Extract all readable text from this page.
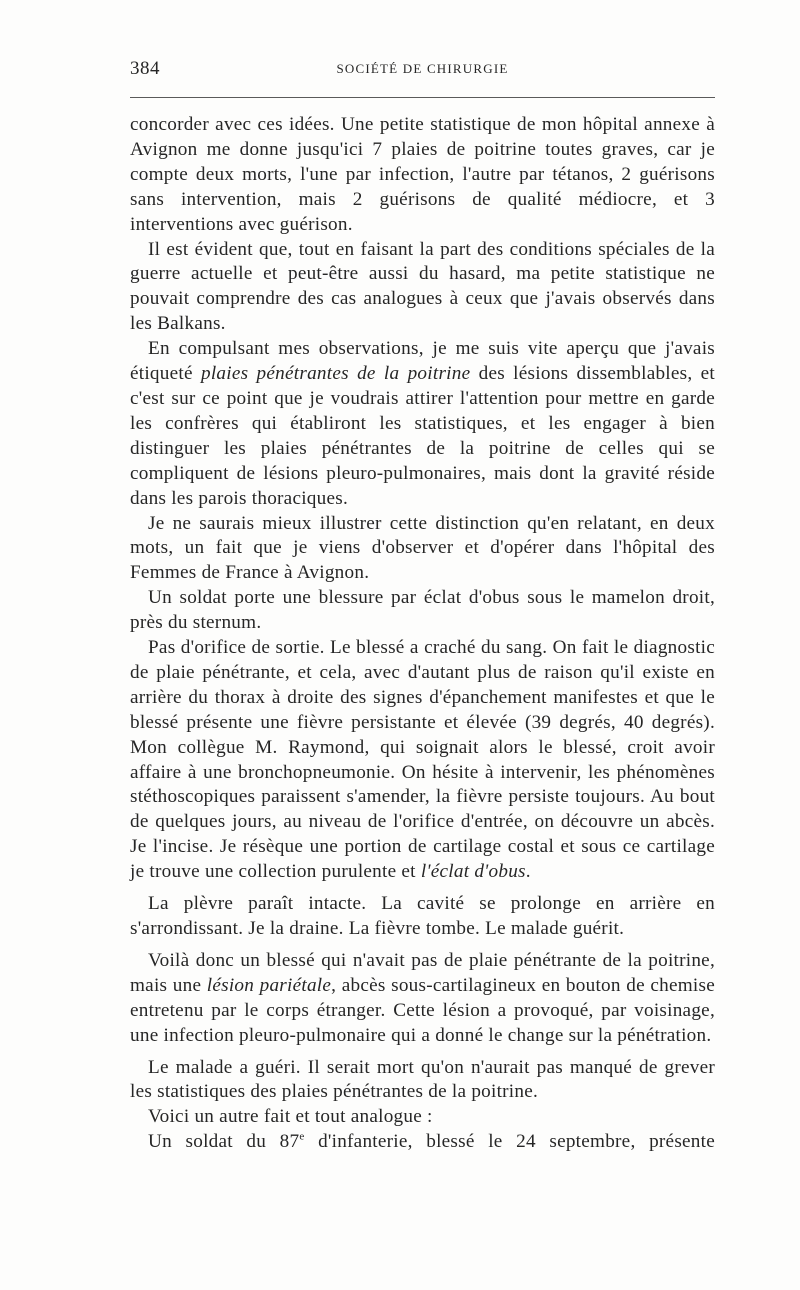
384	SOCIÉTÉ DE CHIRURGIE

concorder avec ces idées. Une petite statistique de mon hôpital annexe à Avignon me donne jusqu'ici 7 plaies de poitrine toutes graves, car je compte deux morts, l'une par infection, l'autre par tétanos, 2 guérisons sans intervention, mais 2 guérisons de qualité médiocre, et 3 interventions avec guérison.

Il est évident que, tout en faisant la part des conditions spéciales de la guerre actuelle et peut-être aussi du hasard, ma petite statistique ne pouvait comprendre des cas analogues à ceux que j'avais observés dans les Balkans.

En compulsant mes observations, je me suis vite aperçu que j'avais étiqueté plaies pénétrantes de la poitrine des lésions dissemblables, et c'est sur ce point que je voudrais attirer l'attention pour mettre en garde les confrères qui établiront les statistiques, et les engager à bien distinguer les plaies pénétrantes de la poitrine de celles qui se compliquent de lésions pleuro-pulmonaires, mais dont la gravité réside dans les parois thoraciques.

Je ne saurais mieux illustrer cette distinction qu'en relatant, en deux mots, un fait que je viens d'observer et d'opérer dans l'hôpital des Femmes de France à Avignon.

Un soldat porte une blessure par éclat d'obus sous le mamelon droit, près du sternum.

Pas d'orifice de sortie. Le blessé a craché du sang. On fait le diagnostic de plaie pénétrante, et cela, avec d'autant plus de raison qu'il existe en arrière du thorax à droite des signes d'épanchement manifestes et que le blessé présente une fièvre persistante et élevée (39 degrés, 40 degrés). Mon collègue M. Raymond, qui soignait alors le blessé, croit avoir affaire à une bronchopneumonie. On hésite à intervenir, les phénomènes stéthoscopiques paraissent s'amender, la fièvre persiste toujours. Au bout de quelques jours, au niveau de l'orifice d'entrée, on découvre un abcès. Je l'incise. Je résèque une portion de cartilage costal et sous ce cartilage je trouve une collection purulente et l'éclat d'obus.

La plèvre paraît intacte. La cavité se prolonge en arrière en s'arrondissant. Je la draine. La fièvre tombe. Le malade guérit.

Voilà donc un blessé qui n'avait pas de plaie pénétrante de la poitrine, mais une lésion pariétale, abcès sous-cartilagineux en bouton de chemise entretenu par le corps étranger. Cette lésion a provoqué, par voisinage, une infection pleuro-pulmonaire qui a donné le change sur la pénétration.

Le malade a guéri. Il serait mort qu'on n'aurait pas manqué de grever les statistiques des plaies pénétrantes de la poitrine.

Voici un autre fait et tout analogue :

Un soldat du 87e d'infanterie, blessé le 24 septembre, présente
